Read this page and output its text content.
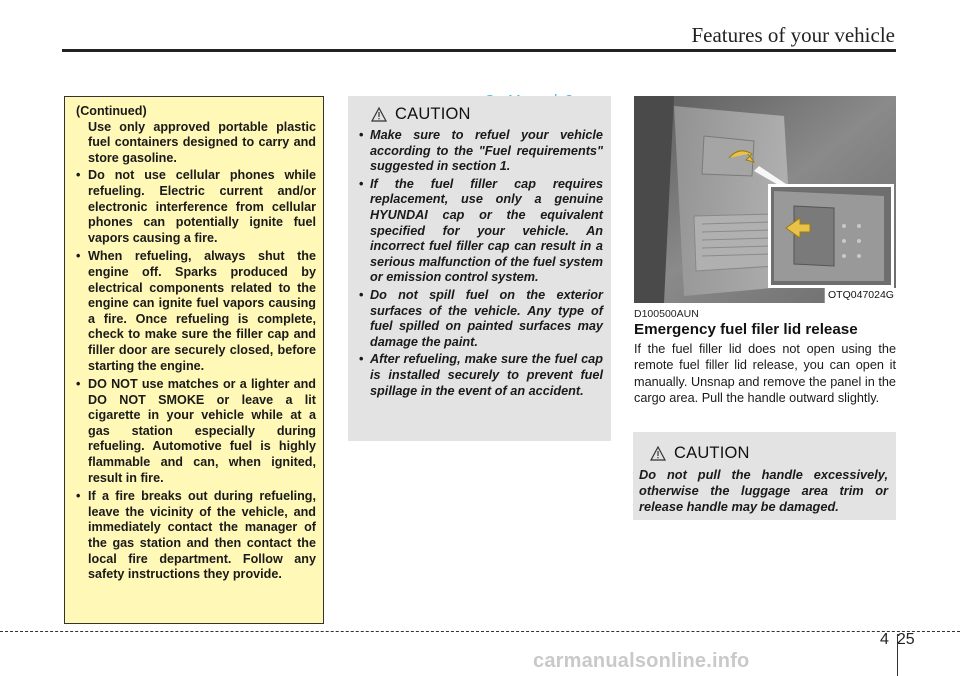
Features of your vehicle

(Continued)

Use only approved portable plastic fuel containers designed to carry and store gasoline.

• Do not use cellular phones while refueling. Electric current and/or electronic interference from cellular phones can potentially ignite fuel vapors causing a fire.
• When refueling, always shut the engine off. Sparks produced by electrical components related to the engine can ignite fuel vapors causing a fire. Once refueling is complete, check to make sure the filler cap and filler door are securely closed, before starting the engine.
• DO NOT use matches or a lighter and DO NOT SMOKE or leave a lit cigarette in your vehicle while at a gas station especially during refueling. Automotive fuel is highly flammable and can, when ignited, result in fire.
• If a fire breaks out during refueling, leave the vicinity of the vehicle, and immediately contact the manager of the gas station and then contact the local fire department. Follow any safety instructions they provide.
CAUTION
• Make sure to refuel your vehicle according to the "Fuel requirements" suggested in section 1.
• If the fuel filler cap requires replacement, use only a genuine HYUNDAI cap or the equivalent specified for your vehicle. An incorrect fuel filler cap can result in a serious malfunction of the fuel system or emission control system.
• Do not spill fuel on the exterior surfaces of the vehicle. Any type of fuel spilled on painted surfaces may damage the paint.
• After refueling, make sure the fuel cap is installed securely to prevent fuel spillage in the event of an accident.
OTQ047024G
D100500AUN
Emergency fuel filer lid release
If the fuel filler lid does not open using the remote fuel filler lid release, you can open it manually. Unsnap and remove the panel in the cargo area. Pull the handle outward slightly.
CAUTION

Do not pull the handle excessively, otherwise the luggage area trim or release handle may be damaged.

4 25
carmanualsonline.info
